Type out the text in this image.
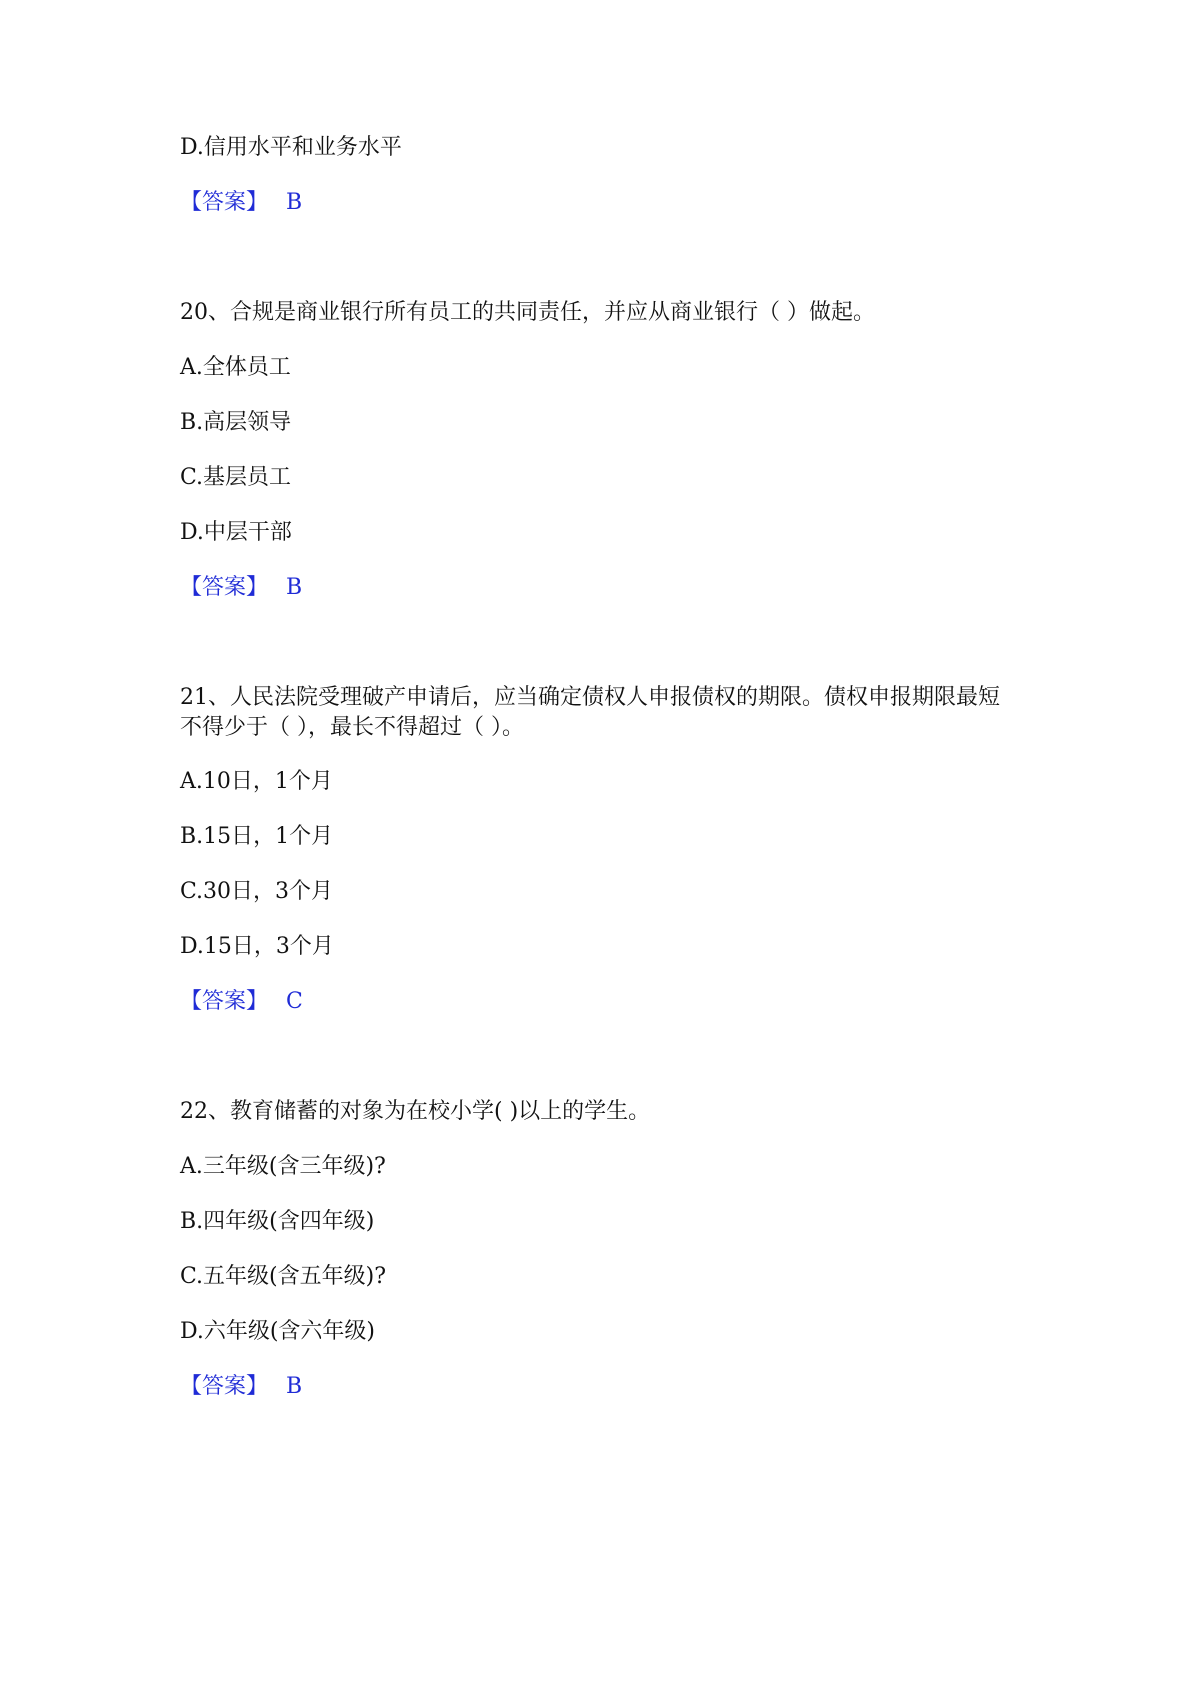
D.信用水平和业务水平
【答案】 B
20、合规是商业银行所有员工的共同责任，并应从商业银行（ ）做起。
A.全体员工
B.高层领导
C.基层员工
D.中层干部
【答案】 B
21、人民法院受理破产申请后，应当确定债权人申报债权的期限。债权申报期限最短不得少于（ ），最长不得超过（ ）。
A.10日，1个月
B.15日，1个月
C.30日，3个月
D.15日，3个月
【答案】 C
22、教育储蓄的对象为在校小学( )以上的学生。
A.三年级(含三年级)?
B.四年级(含四年级)
C.五年级(含五年级)?
D.六年级(含六年级)
【答案】 B
